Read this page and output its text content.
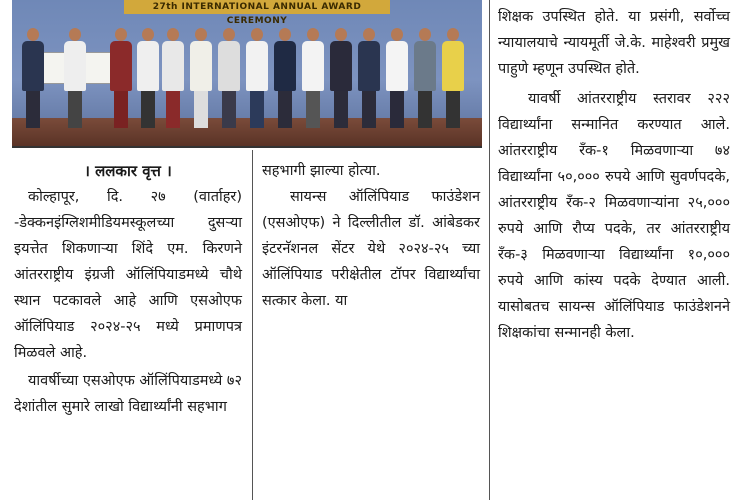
27th INTERNATIONAL ANNUAL AWARD CEREMONY

। ललकार वृत्त ।

कोल्हापूर, दि. २७ (वार्ताहर) -डेक्कनइंग्लिशमीडियमस्कूलच्या दुसऱ्या इयत्तेत शिकणाऱ्या शिंदे एम. किरणने आंतरराष्ट्रीय इंग्रजी ऑलिंपियाडमध्ये चौथे स्थान पटकावले आहे आणि एसओएफ ऑलिंपियाड २०२४-२५ मध्ये प्रमाणपत्र मिळवले आहे.

यावर्षीच्या एसओएफ ऑलिंपियाडमध्ये ७२ देशांतील सुमारे लाखो विद्यार्थ्यांनी सहभाग

सहभागी झाल्या होत्या.

सायन्स ऑलिंपियाड फाउंडेशन (एसओएफ) ने दिल्लीतील डॉ. आंबेडकर इंटरनॅशनल सेंटर येथे २०२४-२५ च्या ऑलिंपियाड परीक्षेतील टॉपर विद्यार्थ्यांचा सत्कार केला. या

शिक्षक उपस्थित होते. या प्रसंगी, सर्वोच्च न्यायालयाचे न्यायमूर्ती जे.के. माहेश्वरी प्रमुख पाहुणे म्हणून उपस्थित होते.

यावर्षी आंतरराष्ट्रीय स्तरावर २२२ विद्यार्थ्यांना सन्मानित करण्यात आले. आंतरराष्ट्रीय रँक-१ मिळवणाऱ्या ७४ विद्यार्थ्यांना ५०,००० रुपये आणि सुवर्णपदके, आंतरराष्ट्रीय रँक-२ मिळवणाऱ्यांना २५,००० रुपये आणि रौप्य पदके, तर आंतरराष्ट्रीय रँक-३ मिळवणाऱ्या विद्यार्थ्यांना १०,००० रुपये आणि कांस्य पदके देण्यात आली. यासोबतच सायन्स ऑलिंपियाड फाउंडेशनने शिक्षकांचा सन्मानही केला.
